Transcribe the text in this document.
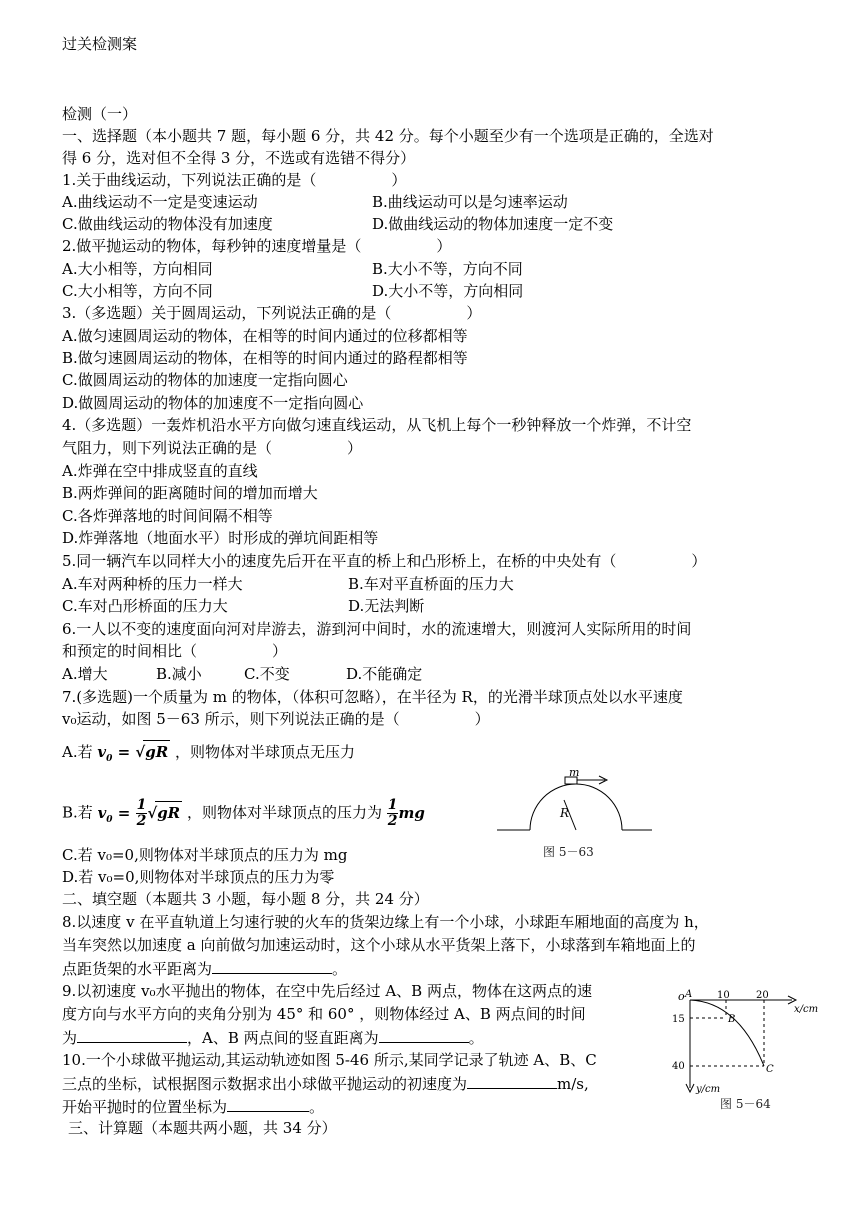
过关检测案
检测（一）
一、选择题（本小题共 7 题，每小题 6 分，共 42 分。每个小题至少有一个选项是正确的，全选对
得 6 分，选对但不全得 3 分，不选或有选错不得分）
1.关于曲线运动，下列说法正确的是（　　　　　）
A.曲线运动不一定是变速运动	B.曲线运动可以是匀速率运动
C.做曲线运动的物体没有加速度	D.做曲线运动的物体加速度一定不变
2.做平抛运动的物体，每秒钟的速度增量是（　　　　　）
A.大小相等，方向相同	B.大小不等，方向不同
C.大小相等，方向不同	D.大小不等，方向相同
3.（多选题）关于圆周运动，下列说法正确的是（　　　　　）
A.做匀速圆周运动的物体，在相等的时间内通过的位移都相等
B.做匀速圆周运动的物体，在相等的时间内通过的路程都相等
C.做圆周运动的物体的加速度一定指向圆心
D.做圆周运动的物体的加速度不一定指向圆心
4.（多选题）一轰炸机沿水平方向做匀速直线运动，从飞机上每个一秒钟释放一个炸弹，不计空
气阻力，则下列说法正确的是（　　　　　）
A.炸弹在空中排成竖直的直线
B.两炸弹间的距离随时间的增加而增大
C.各炸弹落地的时间间隔不相等
D.炸弹落地（地面水平）时形成的弹坑间距相等
5.同一辆汽车以同样大小的速度先后开在平直的桥上和凸形桥上，在桥的中央处有（　　　　　）
A.车对两种桥的压力一样大	B.车对平直桥面的压力大
C.车对凸形桥面的压力大	D.无法判断
6.一人以不变的速度面向河对岸游去，游到河中间时，水的流速增大，则渡河人实际所用的时间
和预定的时间相比（　　　　　）
A.增大	B.减小	C.不变	D.不能确定
7.(多选题)一个质量为 m 的物体，（体积可忽略），在半径为 R，的光滑半球顶点处以水平速度
v₀运动，如图 5－63 所示，则下列说法正确的是（　　　　　）
A.若 $v_0 = √gR$ ，则物体对半球顶点无压力
B.若 $v_0 = \frac{1}{2} √gR$ ，则物体对半球顶点的压力为 $\frac{1}{2}$ mg
C.若 v₀=0,则物体对半球顶点的压力为 mg
D.若 v₀=0,则物体对半球顶点的压力为零
m
R
图 5－63
二、填空题（本题共 3 小题，每小题 8 分，共 24 分）
8.以速度 v 在平直轨道上匀速行驶的火车的货架边缘上有一个小球，小球距车厢地面的高度为 h，
当车突然以加速度 a 向前做匀加速运动时，这个小球从水平货架上落下，小球落到车箱地面上的
点距货架的水平距离为	。
9.以初速度 v₀水平抛出的物体，在空中先后经过 A、B 两点，物体在这两点的速
度方向与水平方向的夹角分别为 45° 和 60° ，则物体经过 A、B 两点间的时间
为	，A、B 两点间的竖直距离为	。
10.一个小球做平抛运动,其运动轨迹如图 5-46 所示,某同学记录了轨迹 A、B、C
三点的坐标，试根据图示数据求出小球做平抛运动的初速度为	m/s,
开始平抛时的位置坐标为	。
三、计算题（本题共两小题，共 34 分）
o A
B
C
10	20
15
40
x/cm
y/cm
图 5－64
